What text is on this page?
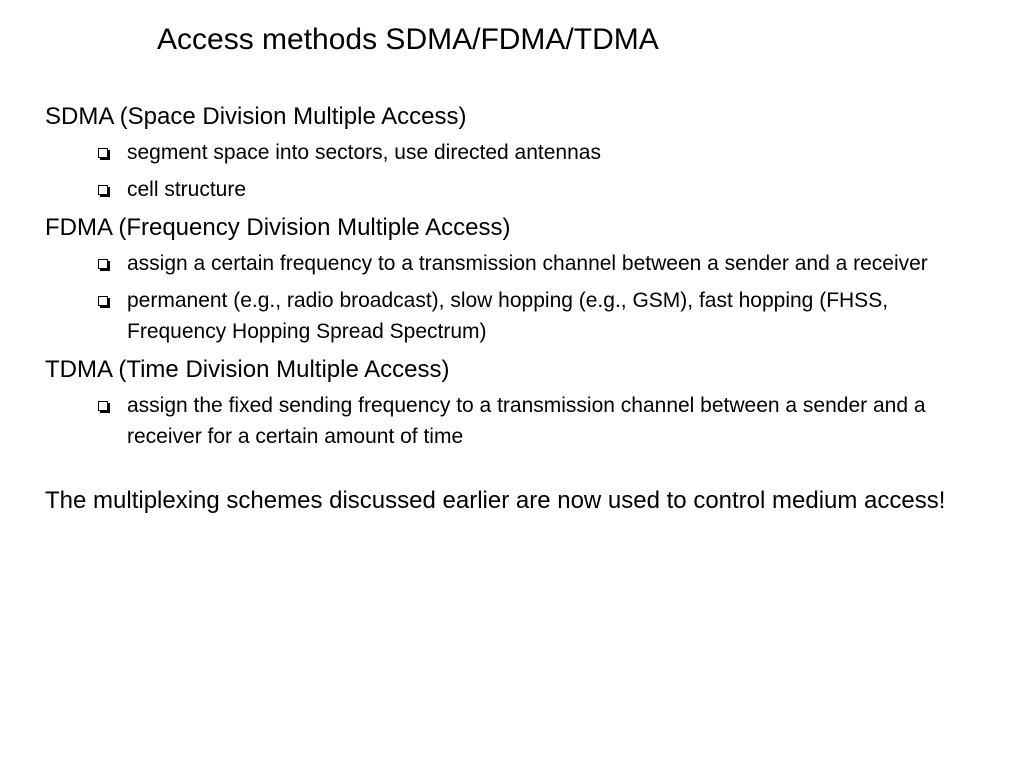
Access methods SDMA/FDMA/TDMA
SDMA (Space Division Multiple Access)
segment space into sectors, use directed antennas
cell structure
FDMA (Frequency Division Multiple Access)
assign a certain frequency to a transmission channel between a sender and a receiver
permanent (e.g., radio broadcast), slow hopping (e.g., GSM), fast hopping (FHSS, Frequency Hopping Spread Spectrum)
TDMA (Time Division Multiple Access)
assign the fixed sending frequency to a transmission channel between a sender and a receiver for a certain amount of time
The multiplexing schemes discussed earlier are now used to control medium access!
